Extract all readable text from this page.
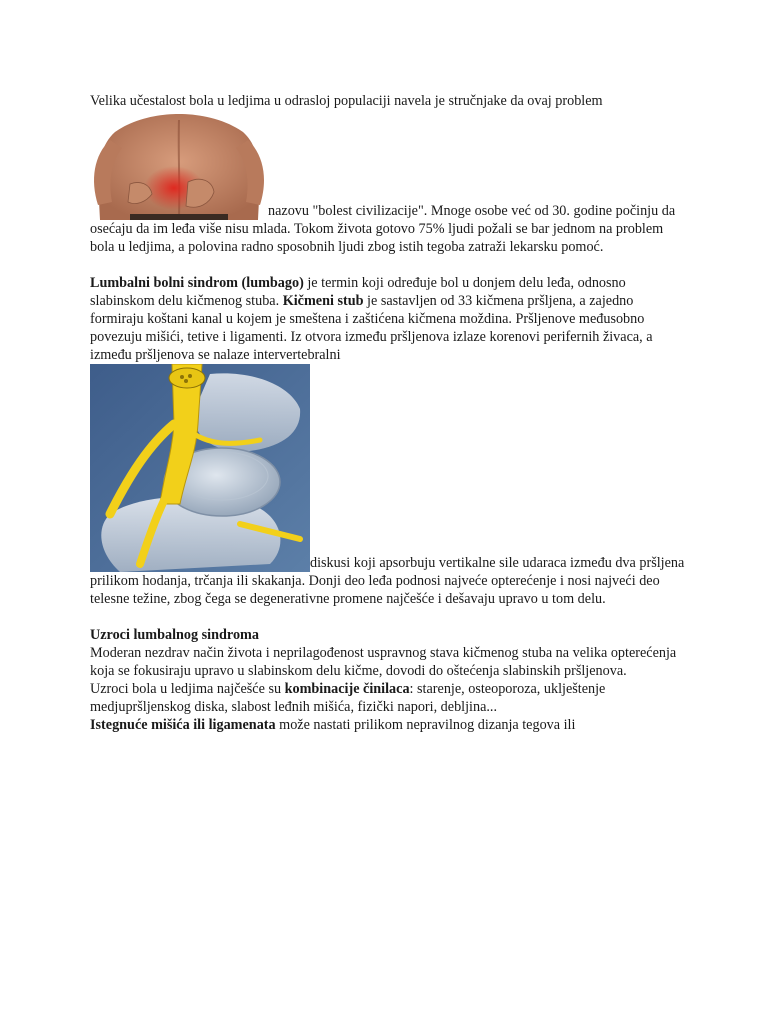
Velika učestalost bola u ledjima u odrasloj populaciji navela je stručnjake da ovaj problem

nazovu "bolest civilizacije". Mnoge osobe već od 30. godine počinju da osećaju da im leđa više nisu mlada. Tokom života gotovo 75% ljudi požali se bar jednom na problem bola u ledjima, a polovina radno sposobnih ljudi zbog istih tegoba zatraži lekarsku pomoć.

Lumbalni bolni sindrom (lumbago) je termin koji određuje bol u donjem delu leđa, odnosno slabinskom delu kičmenog stuba. Kičmeni stub je sastavljen od 33 kičmena pršljena, a zajedno formiraju koštani kanal u kojem je smeštena i zaštićena kičmena moždina. Pršljenove međusobno povezuju mišići, tetive i ligamenti. Iz otvora između pršljenova izlaze korenovi perifernih živaca, a između pršljenova se nalaze intervertebralni

diskusi koji apsorbuju vertikalne sile udaraca između dva pršljena prilikom hodanja, trčanja ili skakanja. Donji deo leđa podnosi najveće opterećenje i nosi najveći deo telesne težine, zbog čega se degenerativne promene najčešće i dešavaju upravo u tom delu.

Uzroci lumbalnog sindroma

Moderan nezdrav način života i neprilagođenost uspravnog stava kičmenog stuba na velika opterećenja koja se fokusiraju upravo u slabinskom delu kičme, dovodi do oštećenja slabinskih pršljenova.

Uzroci bola u ledjima najčešće su kombinacije činilaca: starenje, osteoporoza, uklještenje medjupršljenskog diska, slabost leđnih mišića, fizički napori, debljina...

Istegnuće mišića ili ligamenata može nastati prilikom nepravilnog dizanja tegova ili
